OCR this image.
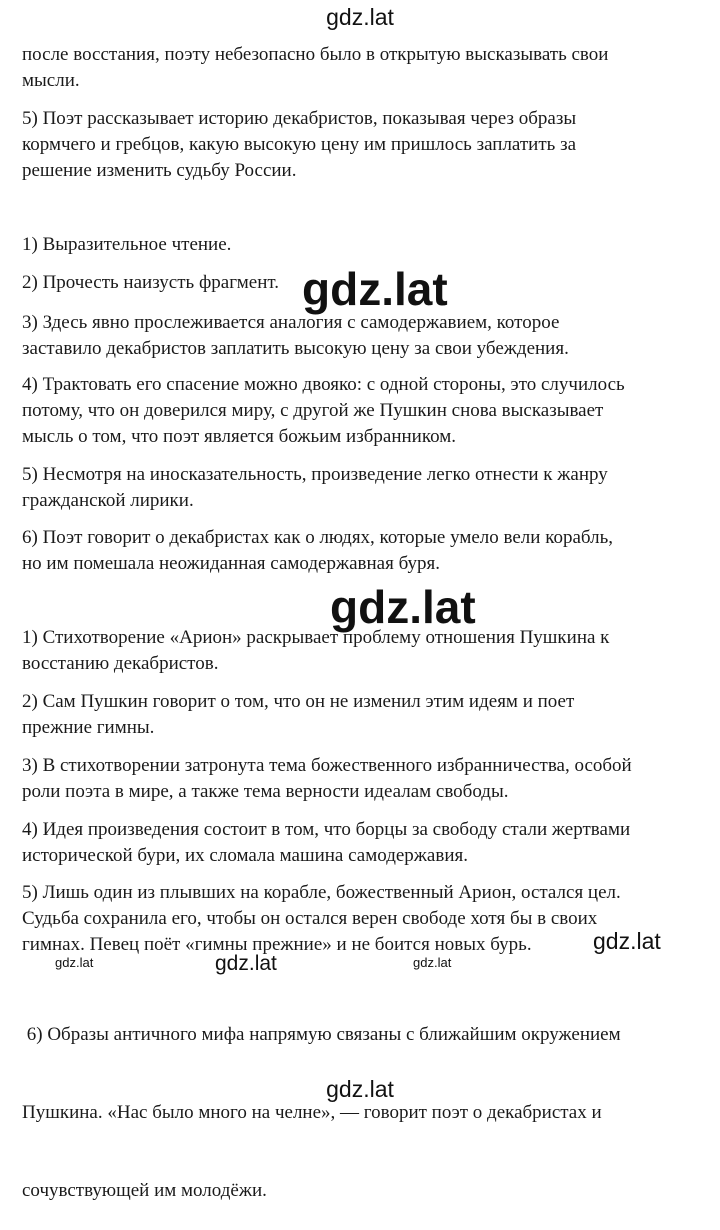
gdz.lat
после восстания, поэту небезопасно было в открытую высказывать свои
мысли.
5) Поэт рассказывает историю декабристов, показывая через образы
кормчего и гребцов, какую высокую цену им пришлось заплатить за
решение изменить судьбу России.
1) Выразительное чтение.
2) Прочесть наизусть фрагмент.
3) Здесь явно прослеживается аналогия с самодержавием, которое
заставило декабристов заплатить высокую цену за свои убеждения.
4) Трактовать его спасение можно двояко: с одной стороны, это случилось
потому, что он доверился миру, с другой же Пушкин снова высказывает
мысль о том, что поэт является божьим избранником.
5) Несмотря на иносказательность, произведение легко отнести к жанру
гражданской лирики.
6) Поэт говорит о декабристах как о людях, которые умело вели корабль,
но им помешала неожиданная самодержавная буря.
1) Стихотворение «Арион» раскрывает проблему отношения Пушкина к
восстанию декабристов.
2) Сам Пушкин говорит о том, что он не изменил этим идеям и поет
прежние гимны.
3) В стихотворении затронута тема божественного избранничества, особой
роли поэта в мире, а также тема верности идеалам свободы.
4) Идея произведения состоит в том, что борцы за свободу стали жертвами
исторической бури, их сломала машина самодержавия.
5) Лишь один из плывших на корабле, божественный Арион, остался цел.
Судьба сохранила его, чтобы он остался верен свободе хотя бы в своих
гимнах. Певец поёт «гимны прежние» и не боится новых бурь.

6) Образы античного мифа напрямую связаны с ближайшим окружением

Пушкина. «Нас было много на челне», — говорит поэт о декабристах и

сочувствующей им молодёжи.

gdz.lat
gdz.lat
gdz.lat
gdz.lat	gdz.lat	gdz.lat
gdz.lat
